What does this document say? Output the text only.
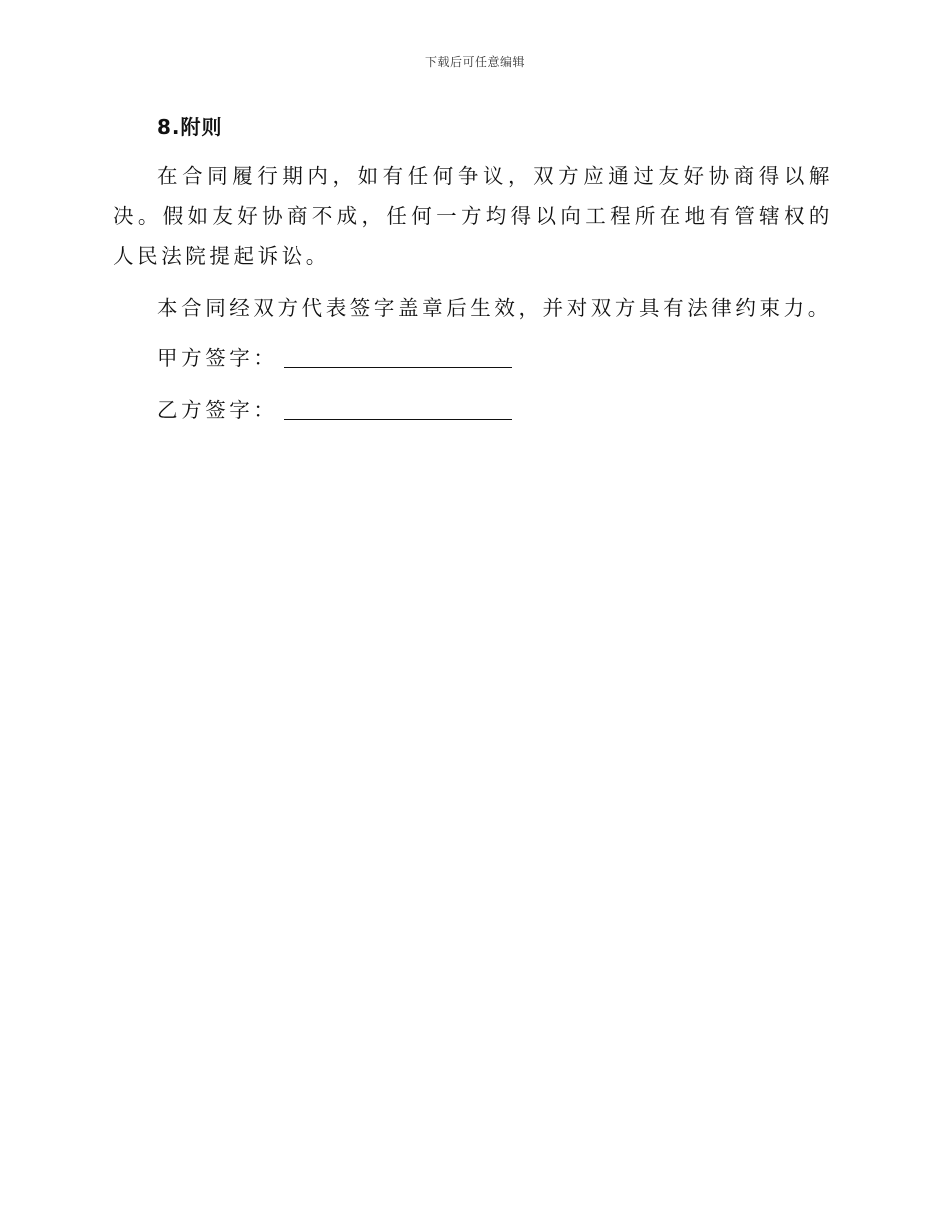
下载后可任意编辑
8.附则

在合同履行期内，如有任何争议，双方应通过友好协商得以解决。假如友好协商不成，任何一方均得以向工程所在地有管辖权的人民法院提起诉讼。

本合同经双方代表签字盖章后生效，并对双方具有法律约束力。

甲方签字：
乙方签字：
